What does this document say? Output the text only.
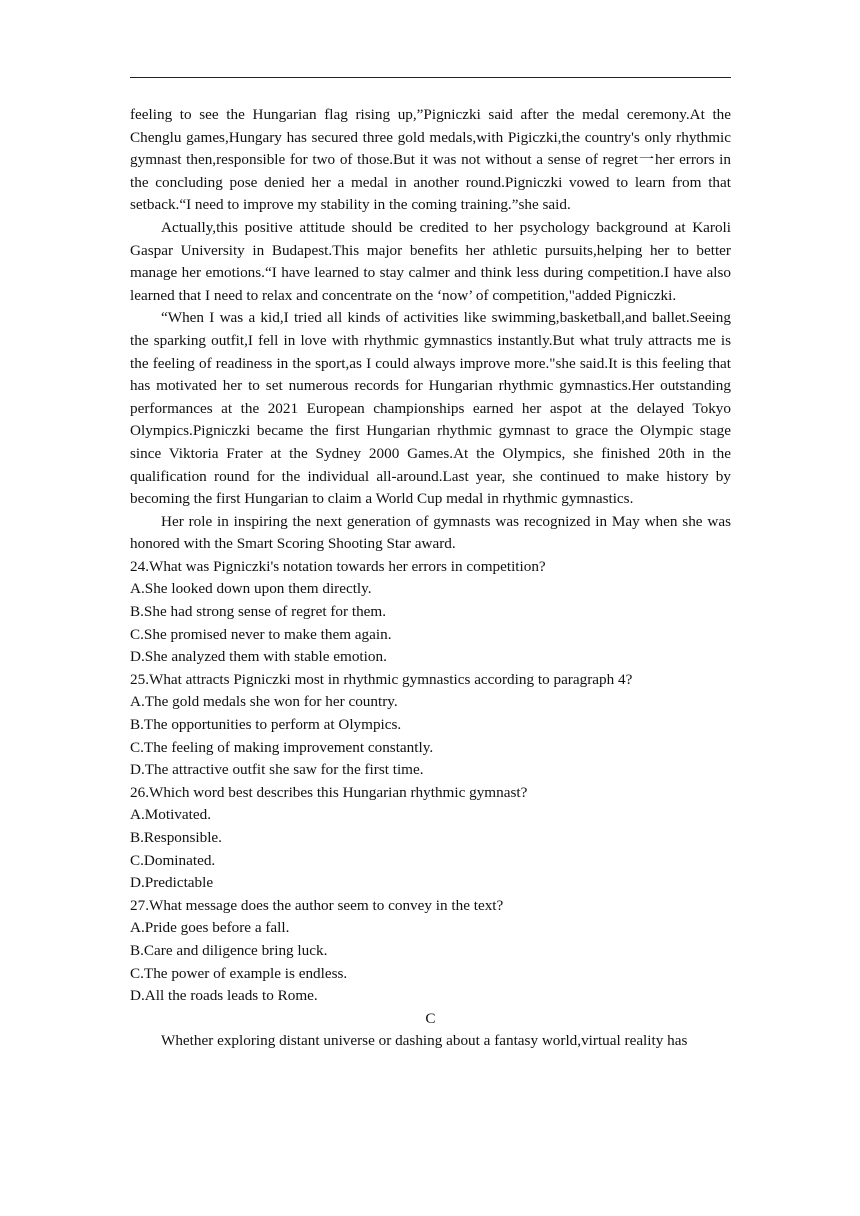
feeling to see the Hungarian flag rising up,”Pigniczki said after the medal ceremony.At the Chenglu games,Hungary has secured three gold medals,with Pigiczki,the country's only rhythmic gymnast then,responsible for two of those.But it was not without a sense of regret一her errors in the concluding pose denied her a medal in another round.Pigniczki vowed to learn from that setback.“I need to improve my stability in the coming training.”she said.

Actually,this positive attitude should be credited to her psychology background at Karoli Gaspar University in Budapest.This major benefits her athletic pursuits,helping her to better manage her emotions.“I have learned to stay calmer and think less during competition.I have also learned that I need to relax and concentrate on the ‘now’ of competition,"added Pigniczki.

“When I was a kid,I tried all kinds of activities like swimming,basketball,and ballet.Seeing the sparking outfit,I fell in love with rhythmic gymnastics instantly.But what truly attracts me is the feeling of readiness in the sport,as I could always improve more."she said.It is this feeling that has motivated her to set numerous records for Hungarian rhythmic gymnastics.Her outstanding performances at the 2021 European championships earned her aspot at the delayed Tokyo Olympics.Pigniczki became the first Hungarian rhythmic gymnast to grace the Olympic stage since Viktoria Frater at the Sydney 2000 Games.At the Olympics, she finished 20th in the qualification round for the individual all-around.Last year, she continued to make history by becoming the first Hungarian to claim a World Cup medal in rhythmic gymnastics.

Her role in inspiring the next generation of gymnasts was recognized in May when she was honored with the Smart Scoring Shooting Star award.

24.What was Pigniczki's notation towards her errors in competition?

A.She looked down upon them directly.

B.She had strong sense of regret for them.

C.She promised never to make them again.

D.She analyzed them with stable emotion.

25.What attracts Pigniczki most in rhythmic gymnastics according to paragraph 4?

A.The gold medals she won for her country.

B.The opportunities to perform at Olympics.

C.The feeling of making improvement constantly.

D.The attractive outfit she saw for the first time.

26.Which word best describes this Hungarian rhythmic gymnast?

A.Motivated.

B.Responsible.

C.Dominated.

D.Predictable

27.What message does the author seem to convey in the text?

A.Pride goes before a fall.

B.Care and diligence bring luck.

C.The power of example is endless.

D.All the roads leads to Rome.

C

Whether exploring distant universe or dashing about a fantasy world,virtual reality has
